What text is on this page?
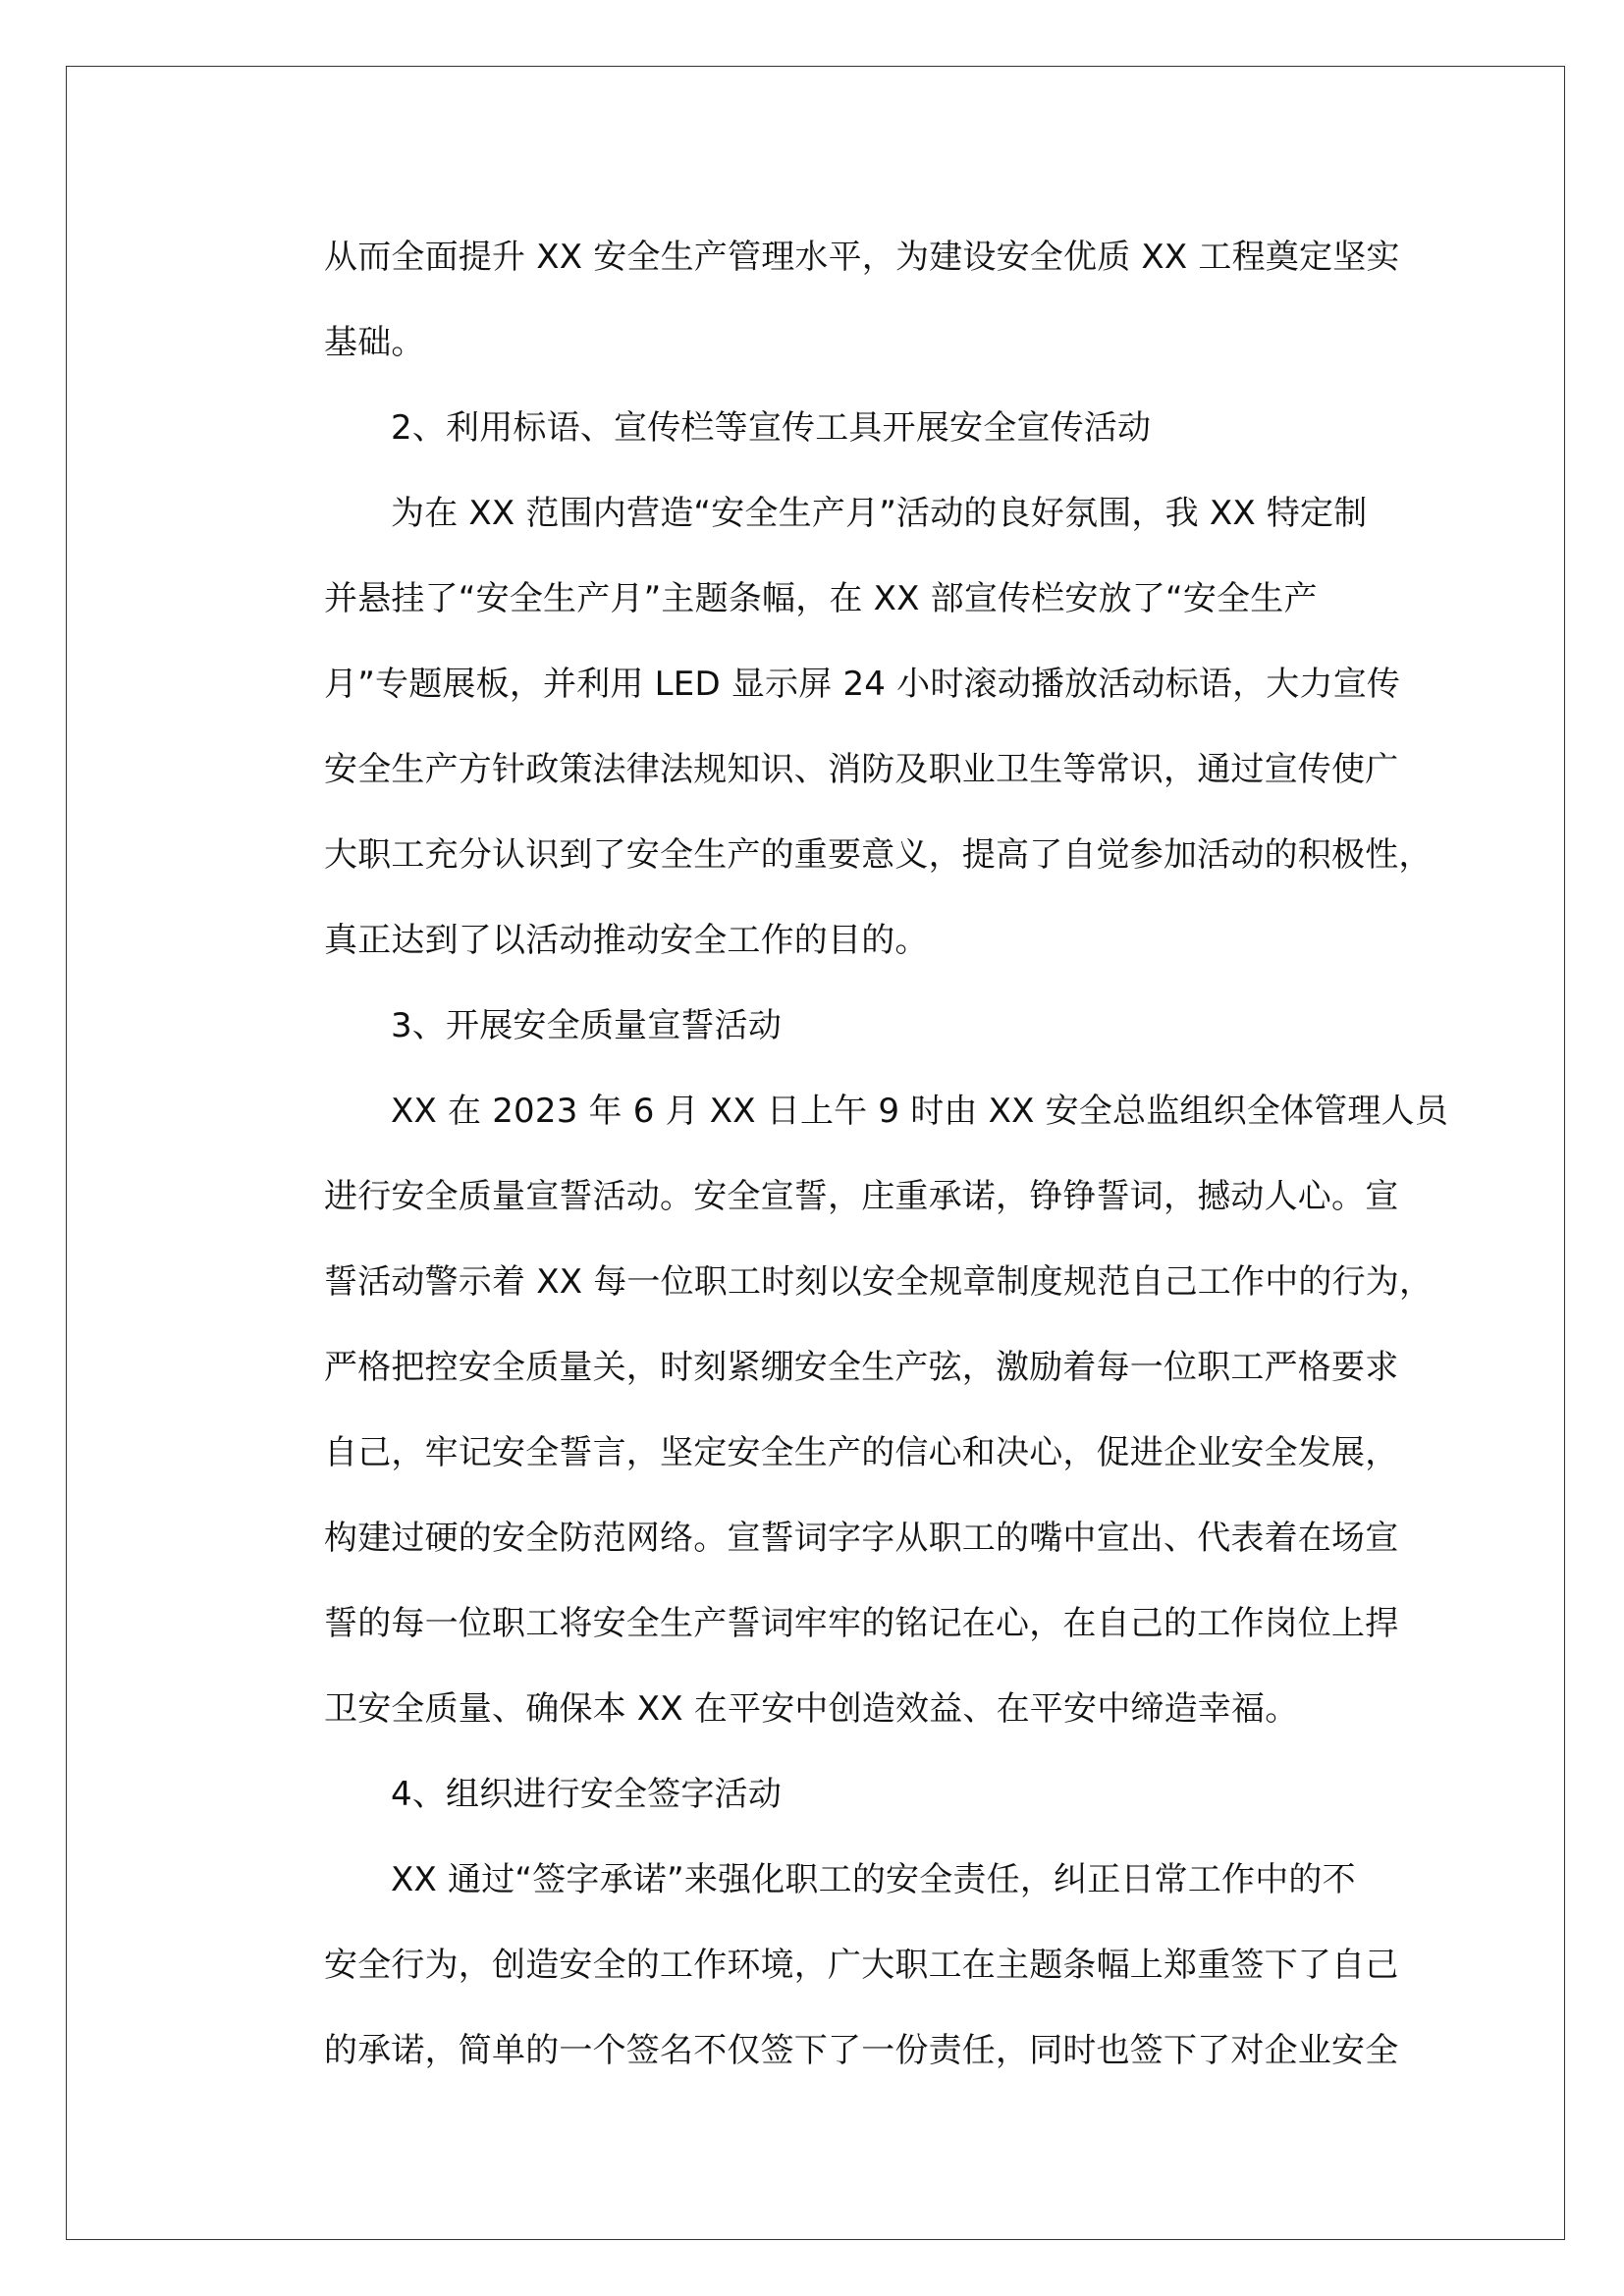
从而全面提升 XX 安全生产管理水平，为建设安全优质 XX 工程奠定坚实
基础。
2、利用标语、宣传栏等宣传工具开展安全宣传活动
为在 XX 范围内营造“安全生产月”活动的良好氛围，我 XX 特定制
并悬挂了“安全生产月”主题条幅，在 XX 部宣传栏安放了“安全生产
月”专题展板，并利用 LED 显示屏 24 小时滚动播放活动标语，大力宣传
安全生产方针政策法律法规知识、消防及职业卫生等常识，通过宣传使广
大职工充分认识到了安全生产的重要意义，提高了自觉参加活动的积极性，
真正达到了以活动推动安全工作的目的。
3、开展安全质量宣誓活动
XX 在 2023 年 6 月 XX 日上午 9 时由 XX 安全总监组织全体管理人员
进行安全质量宣誓活动。安全宣誓，庄重承诺，铮铮誓词，撼动人心。宣
誓活动警示着 XX 每一位职工时刻以安全规章制度规范自己工作中的行为，
严格把控安全质量关，时刻紧绷安全生产弦，激励着每一位职工严格要求
自己，牢记安全誓言，坚定安全生产的信心和决心，促进企业安全发展，
构建过硬的安全防范网络。宣誓词字字从职工的嘴中宣出、代表着在场宣
誓的每一位职工将安全生产誓词牢牢的铭记在心，在自己的工作岗位上捍
卫安全质量、确保本 XX 在平安中创造效益、在平安中缔造幸福。
4、组织进行安全签字活动
XX 通过“签字承诺”来强化职工的安全责任，纠正日常工作中的不
安全行为，创造安全的工作环境，广大职工在主题条幅上郑重签下了自己
的承诺，简单的一个签名不仅签下了一份责任，同时也签下了对企业安全
